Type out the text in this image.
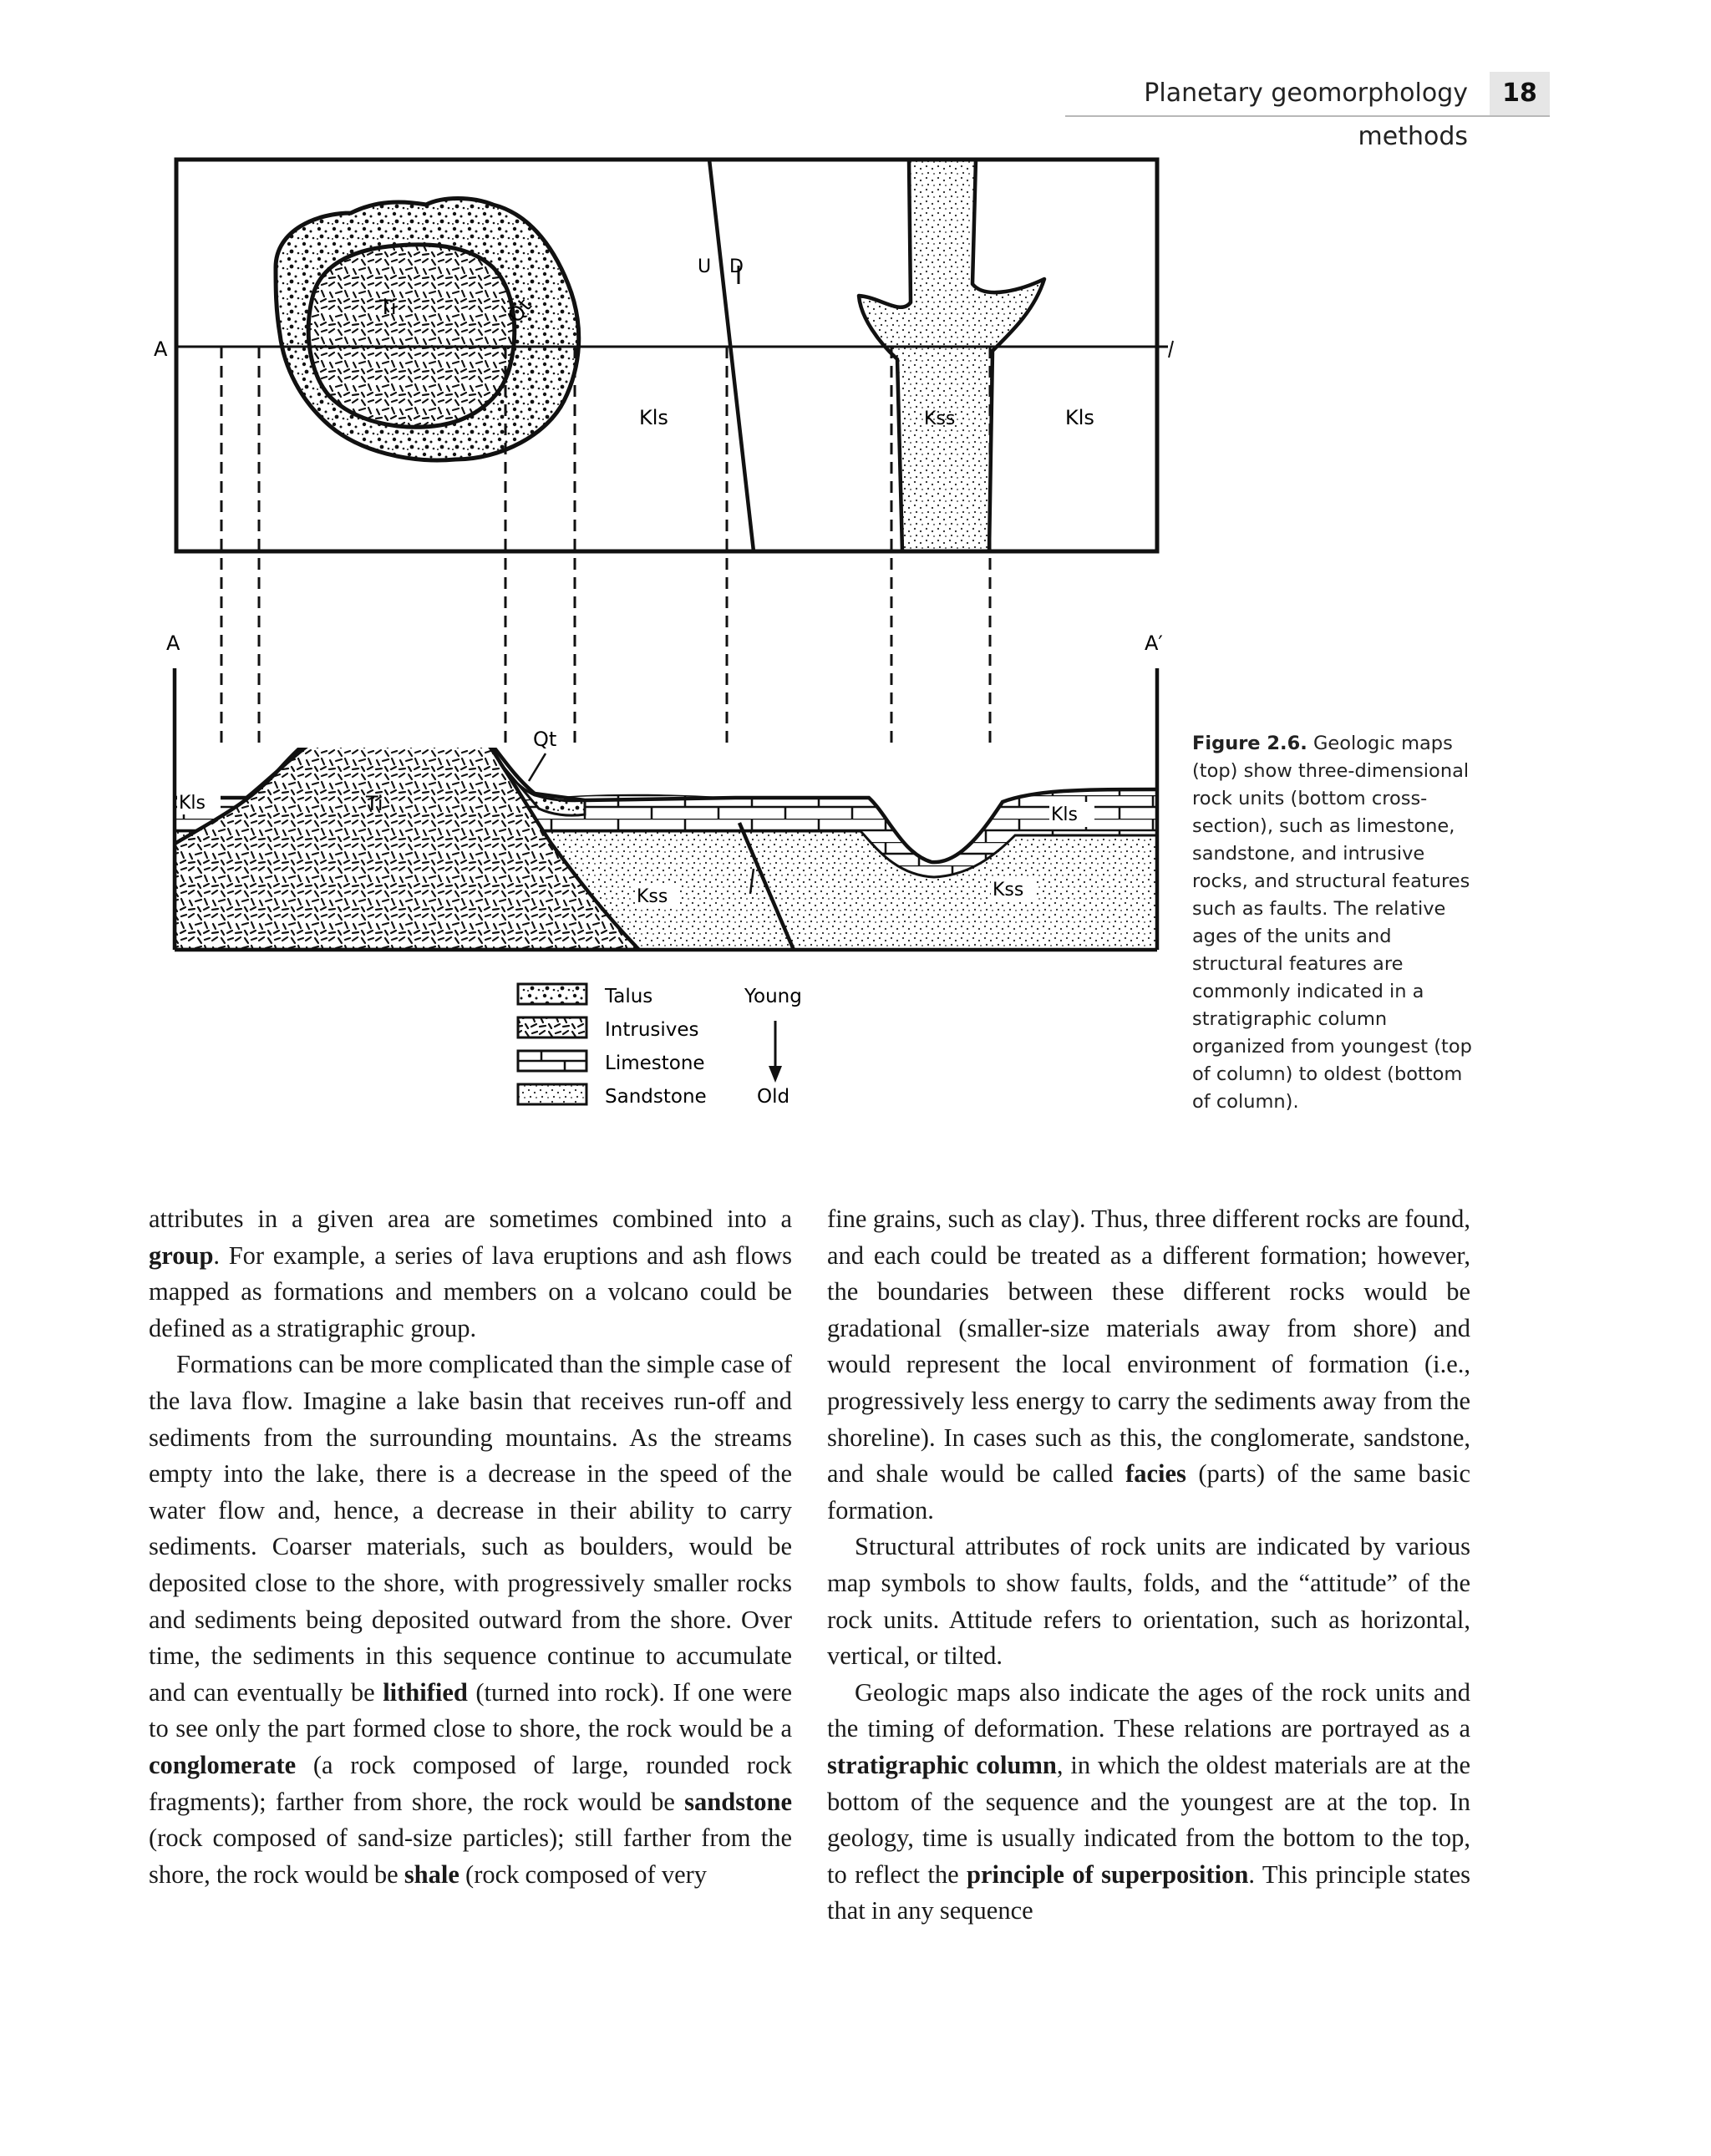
Planetary geomorphology methods
18
A
U D
Ti	Qt
Kls	Kss	Kls
A	A′
Qt
Ti
Kls
Kls
Kss	Kss
Talus
Intrusives
Limestone
Sandstone
Young
Old
Figure 2.6. Geologic maps (top) show three-dimensional rock units (bottom cross-section), such as limestone, sandstone, and intrusive rocks, and structural features such as faults. The relative ages of the units and structural features are commonly indicated in a stratigraphic column organized from youngest (top of column) to oldest (bottom of column).

attributes in a given area are sometimes combined into a group. For example, a series of lava eruptions and ash flows mapped as formations and members on a volcano could be defined as a stratigraphic group.

Formations can be more complicated than the simple case of the lava flow. Imagine a lake basin that receives run-off and sediments from the surrounding mountains. As the streams empty into the lake, there is a decrease in the speed of the water flow and, hence, a decrease in their ability to carry sediments. Coarser materials, such as boulders, would be deposited close to the shore, with progressively smaller rocks and sediments being deposited outward from the shore. Over time, the sediments in this sequence continue to accumulate and can eventually be lithified (turned into rock). If one were to see only the part formed close to shore, the rock would be a conglomerate (a rock composed of large, rounded rock fragments); farther from shore, the rock would be sandstone (rock composed of sand-size particles); still farther from the shore, the rock would be shale (rock composed of very

fine grains, such as clay). Thus, three different rocks are found, and each could be treated as a different formation; however, the boundaries between these different rocks would be gradational (smaller-size materials away from shore) and would represent the local environment of formation (i.e., progressively less energy to carry the sediments away from the shoreline). In cases such as this, the conglomerate, sandstone, and shale would be called facies (parts) of the same basic formation.

Structural attributes of rock units are indicated by various map symbols to show faults, folds, and the “attitude” of the rock units. Attitude refers to orientation, such as horizontal, vertical, or tilted.

Geologic maps also indicate the ages of the rock units and the timing of deformation. These relations are portrayed as a stratigraphic column, in which the oldest materials are at the bottom of the sequence and the youngest are at the top. In geology, time is usually indicated from the bottom to the top, to reflect the principle of superposition. This principle states that in any sequence
